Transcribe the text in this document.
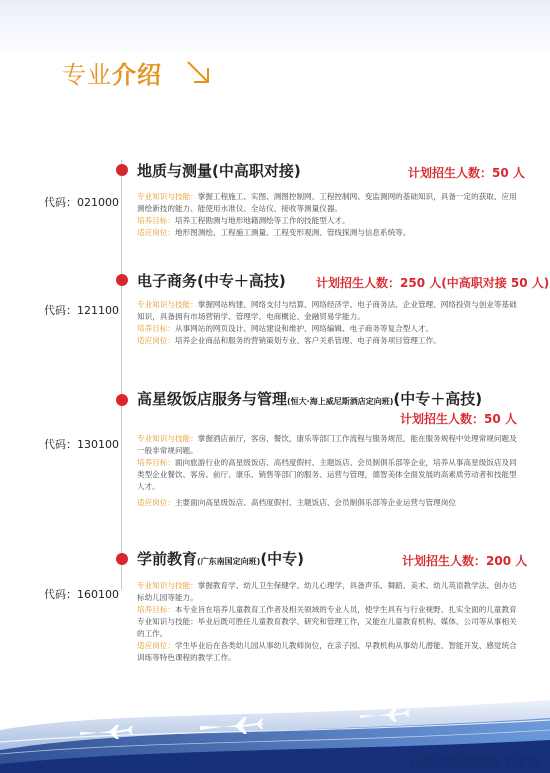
专业 介绍
地质与测量(中高职对接)	计划招生人数：50 人
代码：021000 专业知识与技能：掌握工程施工、实图、测图控制网、工程控制网、变监测网的基础知识，具备一定的获取、应用测绘新技的能力、能使用水准仪、全站仪、接收等测量仪器。

培养目标：培养工程勘测与地形地籍测绘等工作的技能型人才。

适应岗位：地形图测绘、工程施工测量、工程变形观测、管线探测与信息系统等。

电子商务(中专＋高技)	计划招生人数：250 人(中高职对接 50 人)
代码：121100 专业知识与技能：掌握网站构建、网络支付与结算、网络经济学、电子商务法、企业管理、网络投资与创业等基础知识，具备拥有市场营销学、管理学、电商概论、金融贸易学能力。

培养目标：从事网站的网页设计、网站建设和维护、网络编辑、电子商务等复合型人才。

适应岗位：培养企业商品和服务的营销策划专业、客户关系管理、电子商务项目管理工作。

高星级饭店服务与管理(恒大·海上威尼斯酒店定向班)(中专＋高技)
计划招生人数：50 人
代码：130100 专业知识与技能：掌握酒店前厅，客房，餐饮，康乐等部门工作流程与服务规范，能在服务规程中处理常规问题及一般非常规问题。

培养目标：面向旅游行业的高星级饭店、高档度假村、主题饭店、会员制俱乐部等企业，培养从事高星级饭店及同类型企业餐饮、客房、前厅、康乐、销售等部门的服务、运营与管理，德智美体全面发展的高素质劳动者和技能型人才。

适应岗位：主要面向高星级饭店、高档度假村、主题饭店、会员制俱乐部等企业运营与管理岗位

学前教育(广东南国定向班)(中专)	计划招生人数：200 人
代码：160100

专业知识与技能：掌握教育学、幼儿卫生保健学、幼儿心理学，具备声乐、舞蹈、美术、幼儿英语教学法、创办达标幼儿园等能力。

培养目标：本专业旨在培养儿童教育工作者及相关领域的专业人员，使学生具有与行业视野、扎实全面的儿童教育专业知识与技能；毕业后既可胜任儿童教育教学、研究和管理工作，又能在儿童教育机构、媒体、公司等从事相关的工作。

适应岗位：学生毕业后在各类幼儿园从事幼儿教师岗位，在亲子园、早教机构从事幼儿潜能、智能开发、感觉统合训练等特色课程的教学工作。

江西工程高级技工学校
